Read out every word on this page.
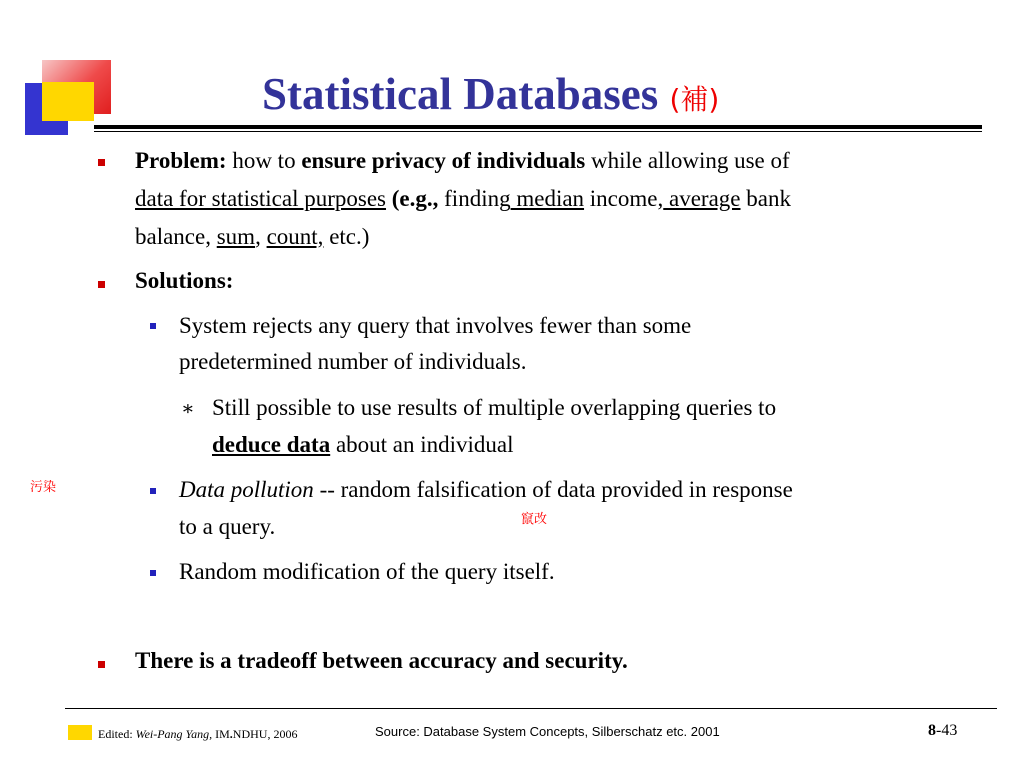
Statistical Databases (補)
Problem: how to ensure privacy of individuals while allowing use of
data for statistical purposes (e.g., finding median income, average bank
balance, sum, count, etc.)
Solutions:
System rejects any query that involves fewer than some
predetermined number of individuals.
∗ Still possible to use results of multiple overlapping queries to
deduce data about an individual
污染	Data pollution -- random falsification of data provided in response
竄改
to a query.
Random modification of the query itself.
There is a tradeoff between accuracy and security.
Edited: Wei-Pang Yang, IM.NDHU, 2006	Source: Database System Concepts, Silberschatz etc. 2001	8-43
